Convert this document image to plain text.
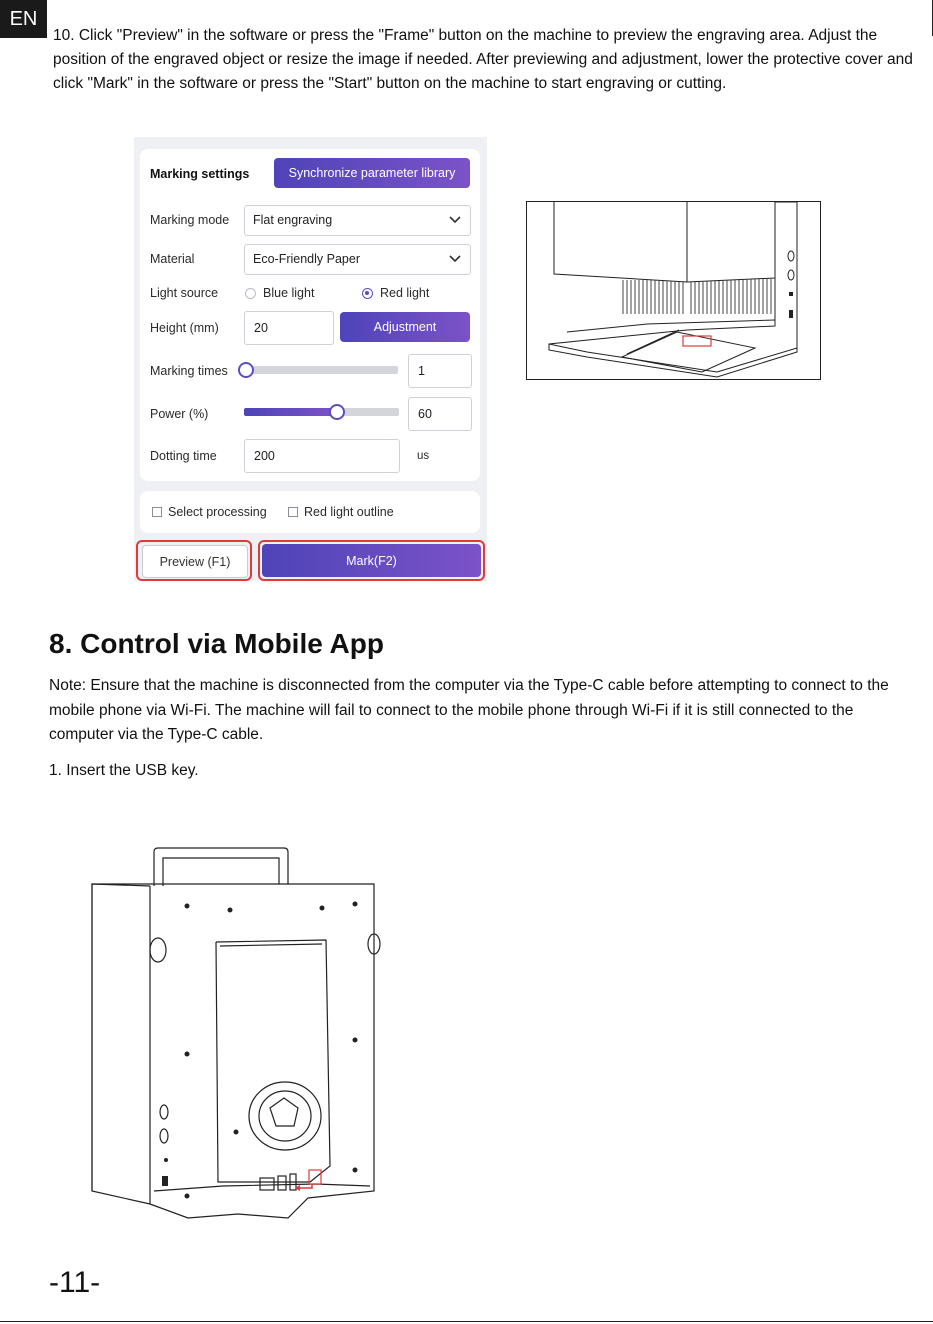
EN

10. Click "Preview" in the software or press the "Frame" button on the machine to preview the engraving area. Adjust the position of the engraved object or resize the image if needed. After previewing and adjustment, lower the protective cover and click "Mark" in the software or press the "Start" button on the machine to start engraving or cutting.

Marking settings	Synchronize parameter library
Marking mode Flat engraving
Material	Eco-Friendly Paper
Light source	Blue light	Red light
Height (mm)	20	Adjustment
Marking times	1
Power (%)	60
Dotting time	200	us
Select processing	Red light outline
Preview (F1)	Mark(F2)
8. Control via Mobile App

Note: Ensure that the machine is disconnected from the computer via the Type-C cable before attempting to connect to the mobile phone via Wi-Fi. The machine will fail to connect to the mobile phone through Wi-Fi if it is still connected to the computer via the Type-C cable.

1. Insert the USB key.

-11-
